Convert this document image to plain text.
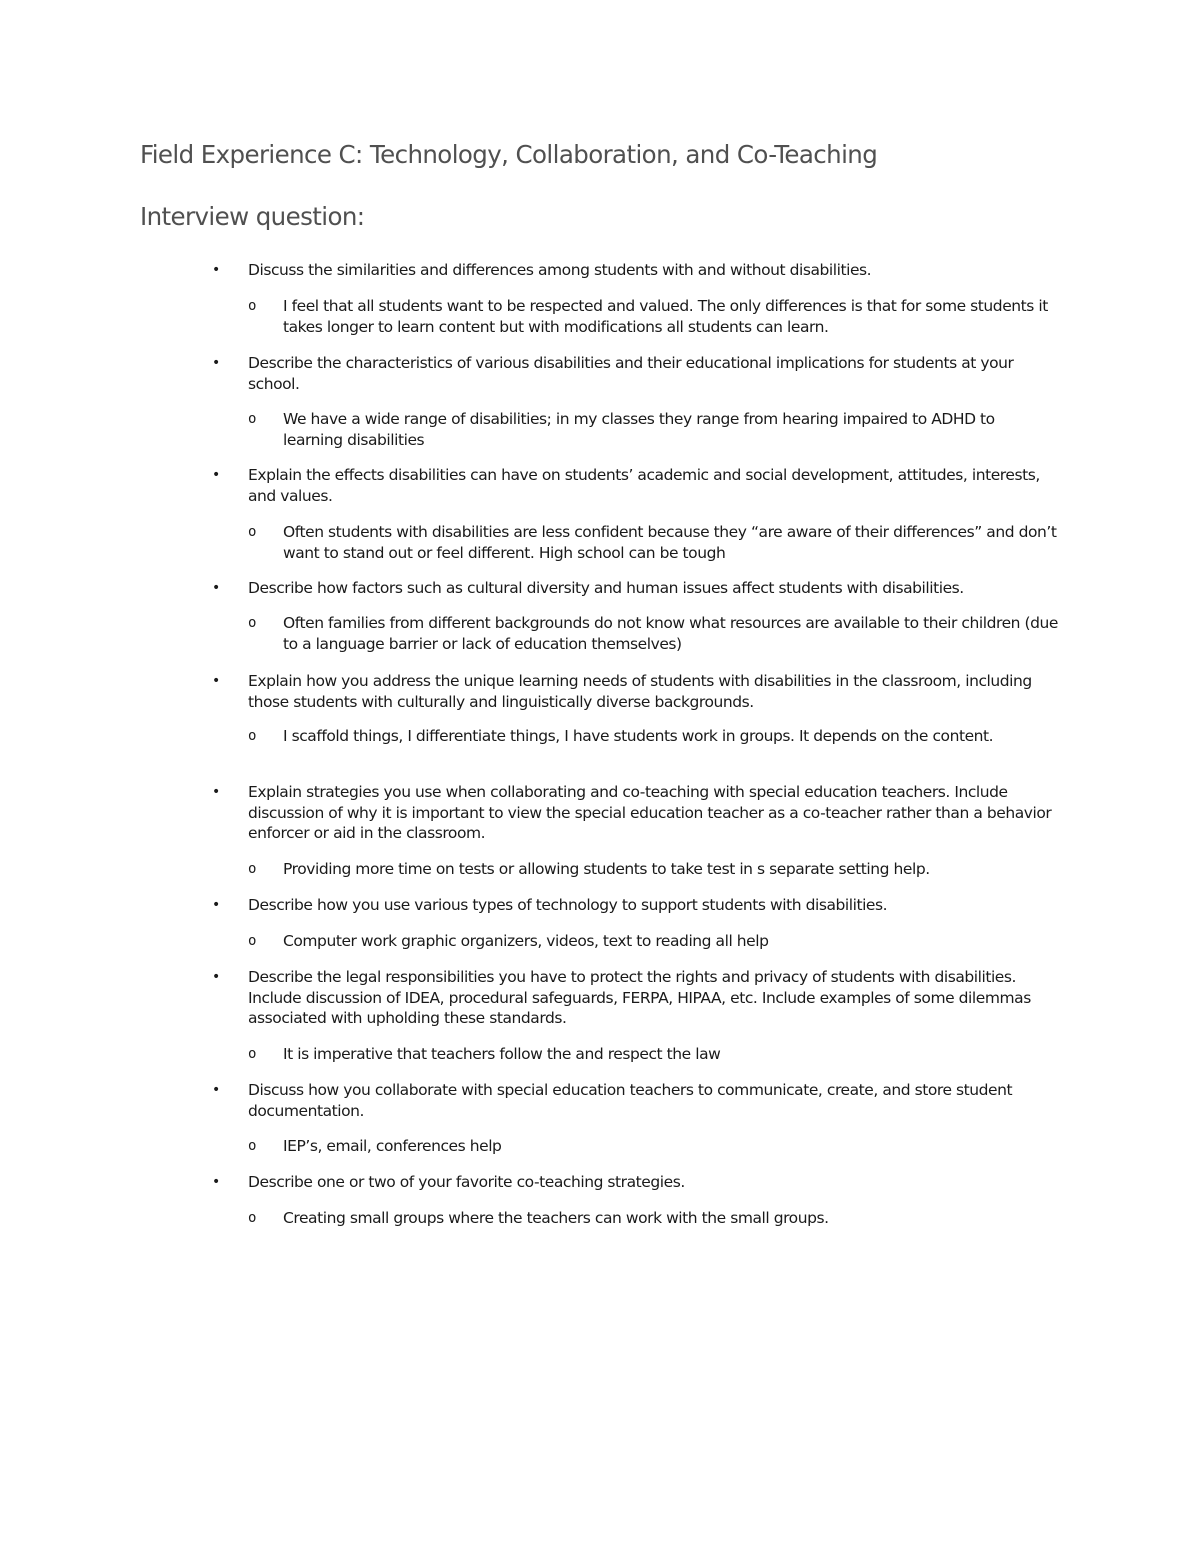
Field Experience C: Technology, Collaboration, and Co-Teaching
Interview question:
• Discuss the similarities and differences among students with and without disabilities.
o I feel that all students want to be respected and valued. The only differences is that for some students it takes longer to learn content but with modifications all students can learn.
• Describe the characteristics of various disabilities and their educational implications for students at your school.
o We have a wide range of disabilities; in my classes they range from hearing impaired to ADHD to learning disabilities
• Explain the effects disabilities can have on students’ academic and social development, attitudes, interests, and values.
o Often students with disabilities are less confident because they “are aware of their differences” and don’t want to stand out or feel different. High school can be tough
• Describe how factors such as cultural diversity and human issues affect students with disabilities.
o Often families from different backgrounds do not know what resources are available to their children (due to a language barrier or lack of education themselves)
• Explain how you address the unique learning needs of students with disabilities in the classroom, including those students with culturally and linguistically diverse backgrounds.
o I scaffold things, I differentiate things, I have students work in groups. It depends on the content.
• Explain strategies you use when collaborating and co-teaching with special education teachers. Include discussion of why it is important to view the special education teacher as a co-teacher rather than a behavior enforcer or aid in the classroom.
o Providing more time on tests or allowing students to take test in s separate setting help.
• Describe how you use various types of technology to support students with disabilities.
o Computer work graphic organizers, videos, text to reading all help
• Describe the legal responsibilities you have to protect the rights and privacy of students with disabilities. Include discussion of IDEA, procedural safeguards, FERPA, HIPAA, etc. Include examples of some dilemmas associated with upholding these standards.
o It is imperative that teachers follow the and respect the law
• Discuss how you collaborate with special education teachers to communicate, create, and store student documentation.
o IEP’s, email, conferences help
• Describe one or two of your favorite co-teaching strategies.
o Creating small groups where the teachers can work with the small groups.
